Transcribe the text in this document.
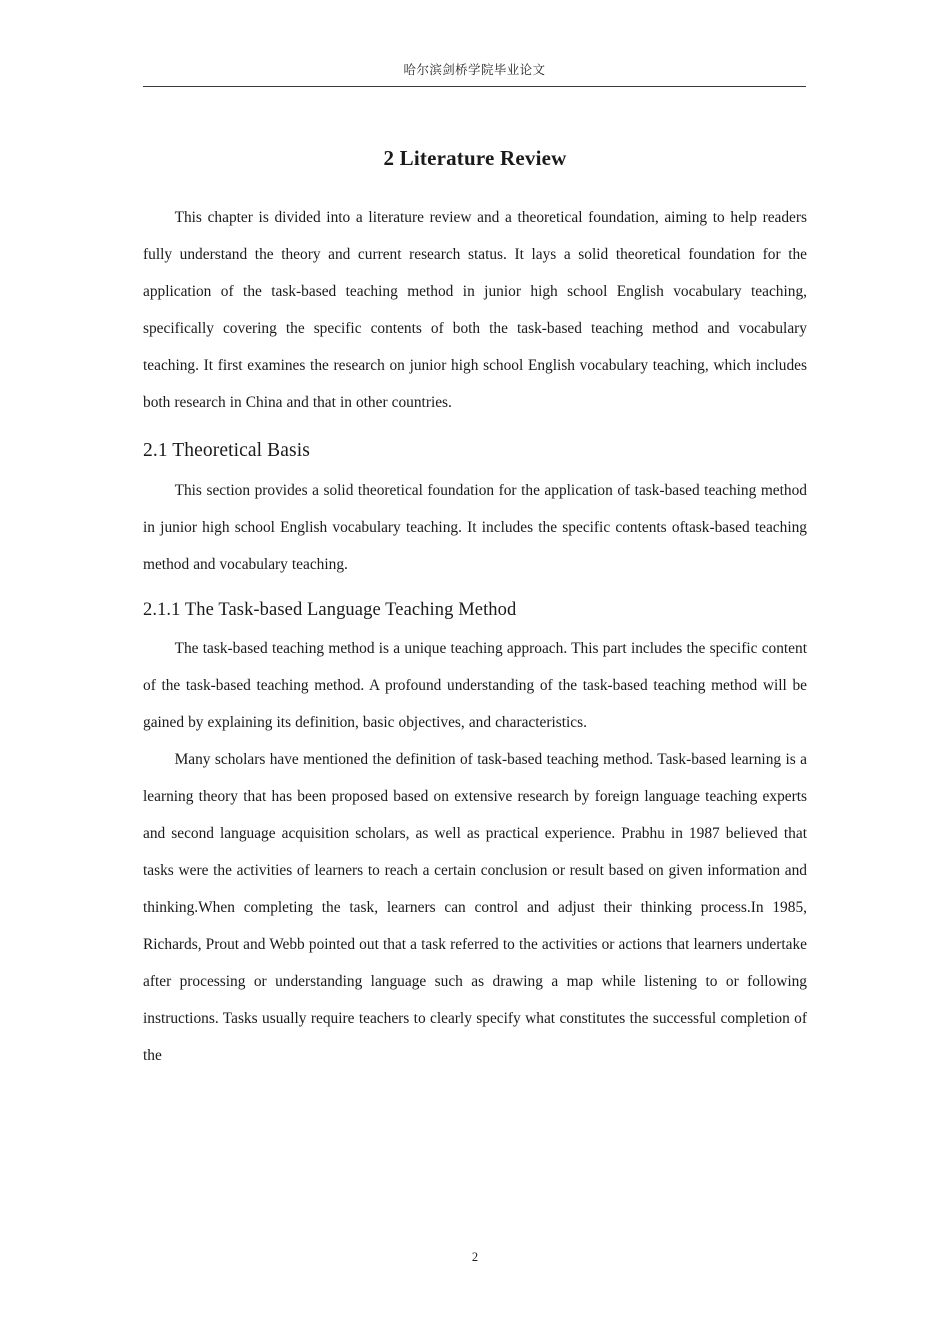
哈尔滨剑桥学院毕业论文
2 Literature Review

This chapter is divided into a literature review and a theoretical foundation, aiming to help readers fully understand the theory and current research status. It lays a solid theoretical foundation for the application of the task-based teaching method in junior high school English vocabulary teaching, specifically covering the specific contents of both the task-based teaching method and vocabulary teaching. It first examines the research on junior high school English vocabulary teaching, which includes both research in China and that in other countries.

2.1 Theoretical Basis

This section provides a solid theoretical foundation for the application of task-based teaching method in junior high school English vocabulary teaching. It includes the specific contents oftask-based teaching method and vocabulary teaching.

2.1.1 The Task-based Language Teaching Method

The task-based teaching method is a unique teaching approach. This part includes the specific content of the task-based teaching method. A profound understanding of the task-based teaching method will be gained by explaining its definition, basic objectives, and characteristics.

Many scholars have mentioned the definition of task-based teaching method. Task-based learning is a learning theory that has been proposed based on extensive research by foreign language teaching experts and second language acquisition scholars, as well as practical experience. Prabhu in 1987 believed that tasks were the activities of learners to reach a certain conclusion or result based on given information and thinking.When completing the task, learners can control and adjust their thinking process.In 1985, Richards, Prout and Webb pointed out that a task referred to the activities or actions that learners undertake after processing or understanding language such as drawing a map while listening to or following instructions. Tasks usually require teachers to clearly specify what constitutes the successful completion of the

2
